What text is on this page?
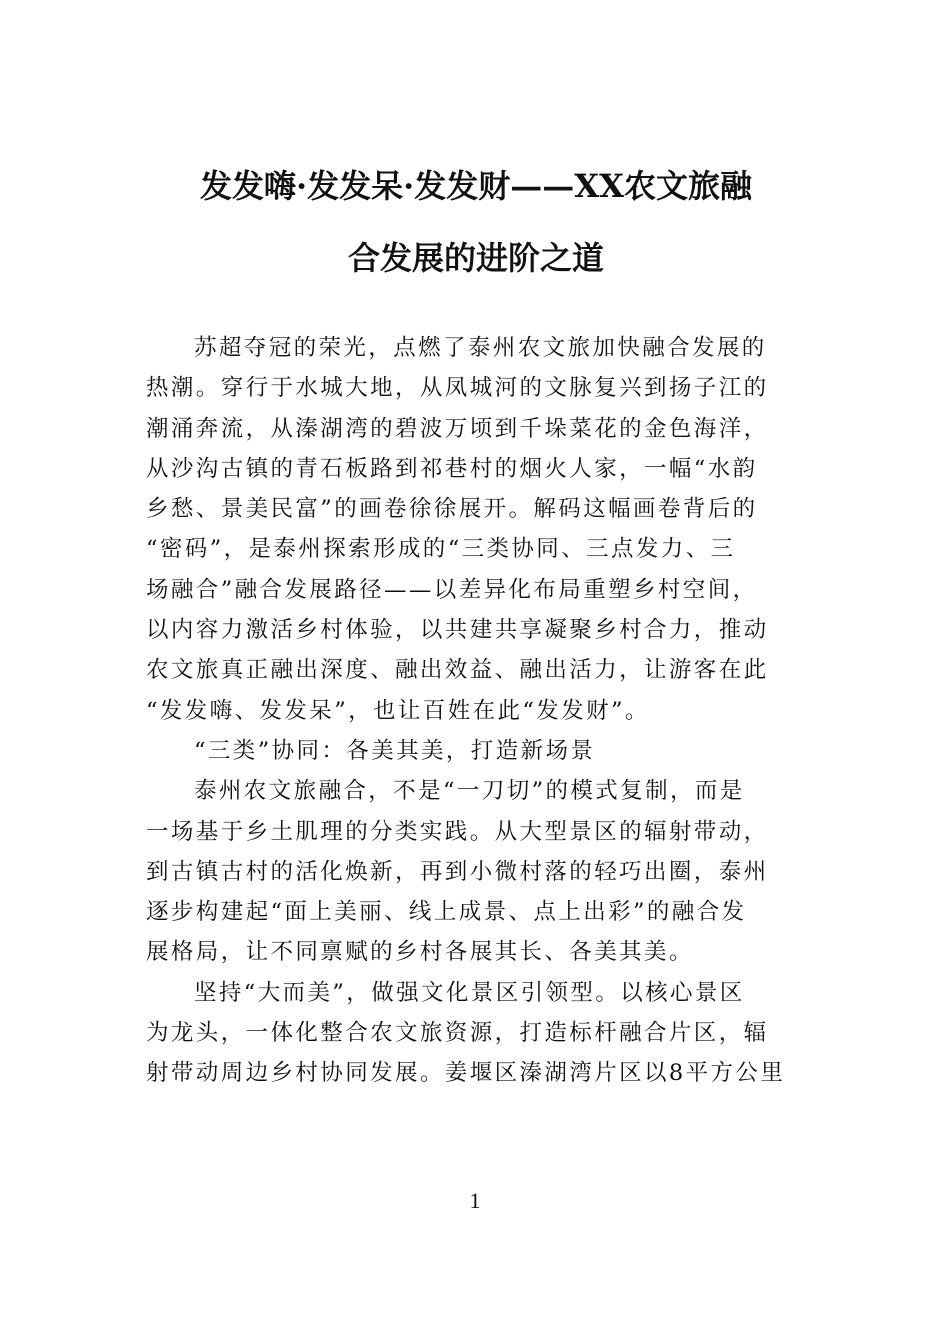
发发嗨·发发呆·发发财——XX农文旅融
合发展的进阶之道
苏超夺冠的荣光，点燃了泰州农文旅加快融合发展的
热潮。穿行于水城大地，从凤城河的文脉复兴到扬子江的
潮涌奔流，从溱湖湾的碧波万顷到千垛菜花的金色海洋，
从沙沟古镇的青石板路到祁巷村的烟火人家，一幅“水韵
乡愁、景美民富”的画卷徐徐展开。解码这幅画卷背后的
“密码”，是泰州探索形成的“三类协同、三点发力、三
场融合”融合发展路径——以差异化布局重塑乡村空间，
以内容力激活乡村体验，以共建共享凝聚乡村合力，推动
农文旅真正融出深度、融出效益、融出活力，让游客在此
“发发嗨、发发呆”，也让百姓在此“发发财”。
“三类”协同：各美其美，打造新场景
泰州农文旅融合，不是“一刀切”的模式复制，而是
一场基于乡土肌理的分类实践。从大型景区的辐射带动，
到古镇古村的活化焕新，再到小微村落的轻巧出圈，泰州
逐步构建起“面上美丽、线上成景、点上出彩”的融合发
展格局，让不同禀赋的乡村各展其长、各美其美。
坚持“大而美”，做强文化景区引领型。以核心景区
为龙头，一体化整合农文旅资源，打造标杆融合片区，辐
射带动周边乡村协同发展。姜堰区溱湖湾片区以8平方公里
1
